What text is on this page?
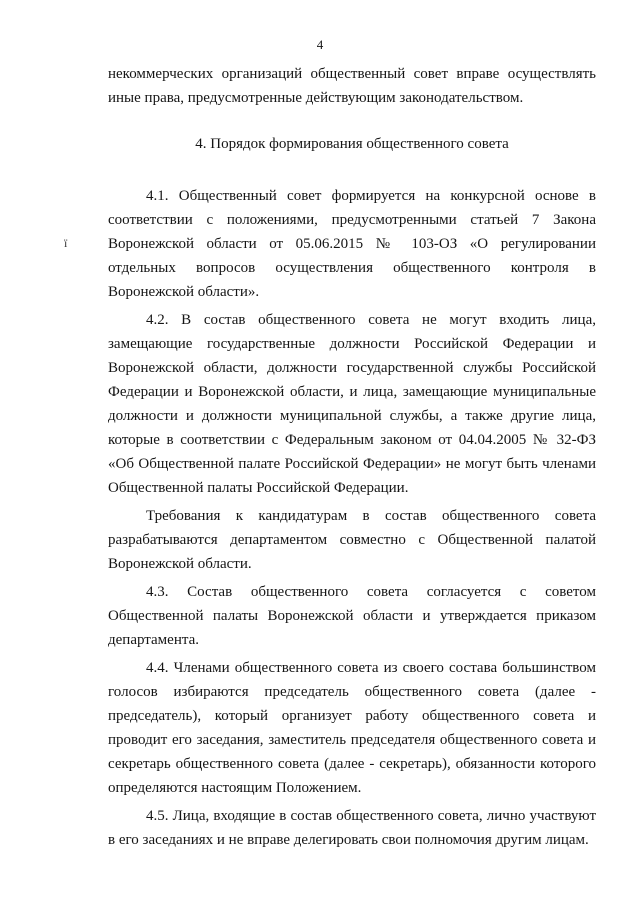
4
ї

некоммерческих организаций общественный совет вправе осуществлять иные права, предусмотренные действующим законодательством.

4. Порядок формирования общественного совета

4.1. Общественный совет формируется на конкурсной основе в соответствии с положениями, предусмотренными статьей 7 Закона Воронежской области от 05.06.2015 № 103-ОЗ «О регулировании отдельных вопросов осуществления общественного контроля в Воронежской области».

4.2. В состав общественного совета не могут входить лица, замещающие государственные должности Российской Федерации и Воронежской области, должности государственной службы Российской Федерации и Воронежской области, и лица, замещающие муниципальные должности и должности муниципальной службы, а также другие лица, которые в соответствии с Федеральным законом от 04.04.2005 № 32-ФЗ «Об Общественной палате Российской Федерации» не могут быть членами Общественной палаты Российской Федерации.

Требования к кандидатурам в состав общественного совета разрабатываются департаментом совместно с Общественной палатой Воронежской области.

4.3. Состав общественного совета согласуется с советом Общественной палаты Воронежской области и утверждается приказом департамента.

4.4. Членами общественного совета из своего состава большинством голосов избираются председатель общественного совета (далее - председатель), который организует работу общественного совета и проводит его заседания, заместитель председателя общественного совета и секретарь общественного совета (далее - секретарь), обязанности которого определяются настоящим Положением.

4.5. Лица, входящие в состав общественного совета, лично участвуют в его заседаниях и не вправе делегировать свои полномочия другим лицам.
